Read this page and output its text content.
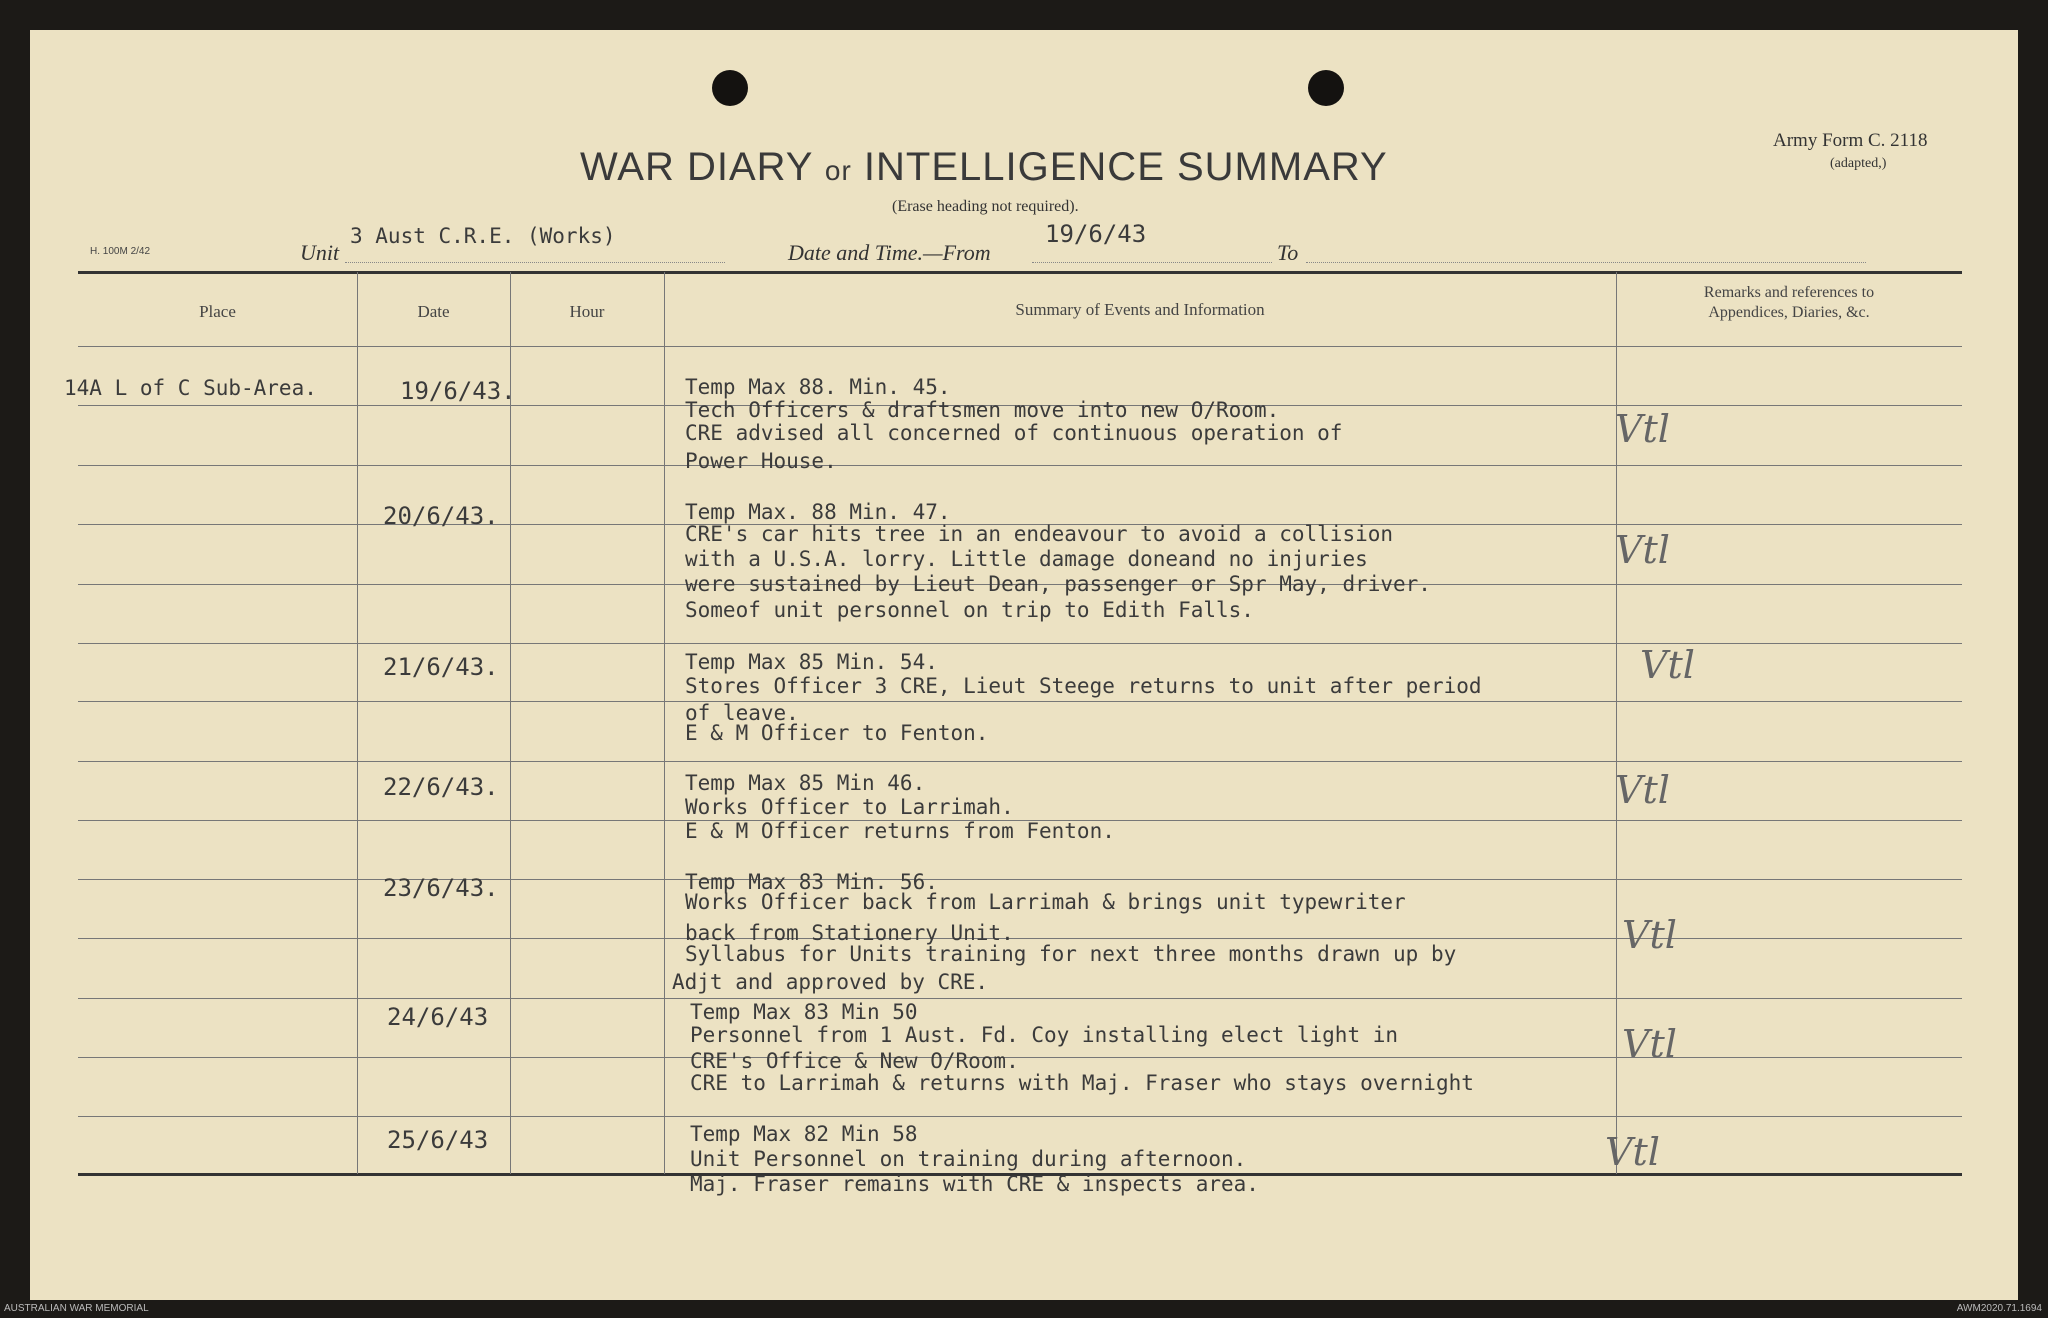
Army Form C. 2118
(adapted,)
WAR DIARY or INTELLIGENCE SUMMARY
(Erase heading not required).
H. 100M 2/42	Unit
3 Aust C.R.E. (Works)
Date and Time.—From
19/6/43
To
Place	Date	Hour	Summary of Events and Information
Remarks and references to
Appendices, Diaries, &c.
14A L of C Sub-Area.	19/6/43.	Temp Max 88. Min. 45.
Tech Officers & draftsmen move into new O/Room.
CRE advised all concerned of continuous operation of
Power House.
Vtl
20/6/43.	Temp Max. 88 Min. 47.
CRE's car hits tree in an endeavour to avoid a collision
with a U.S.A. lorry. Little damage doneand no injuries
were sustained by Lieut Dean, passenger or Spr May, driver.
Someof unit personnel on trip to Edith Falls.
Vtl
21/6/43.	Temp Max 85 Min. 54.
Stores Officer 3 CRE, Lieut Steege returns to unit after period
of leave.
E & M Officer to Fenton.
Vtl
22/6/43.	Temp Max 85 Min 46.
Works Officer to Larrimah.
E & M Officer returns from Fenton.
Vtl
23/6/43.	Temp Max 83 Min. 56.
Works Officer back from Larrimah & brings unit typewriter
back from Stationery Unit.
Syllabus for Units training for next three months drawn up by
Adjt and approved by CRE.
Vtl
24/6/43	Temp Max 83 Min 50
Personnel from 1 Aust. Fd. Coy installing elect light in
CRE's Office & New O/Room.
CRE to Larrimah & returns with Maj. Fraser who stays overnight
Vtl
25/6/43	Temp Max 82 Min 58
Unit Personnel on training during afternoon.
Maj. Fraser remains with CRE & inspects area.
Vtl
AUSTRALIAN WAR MEMORIAL	AWM2020.71.1694
